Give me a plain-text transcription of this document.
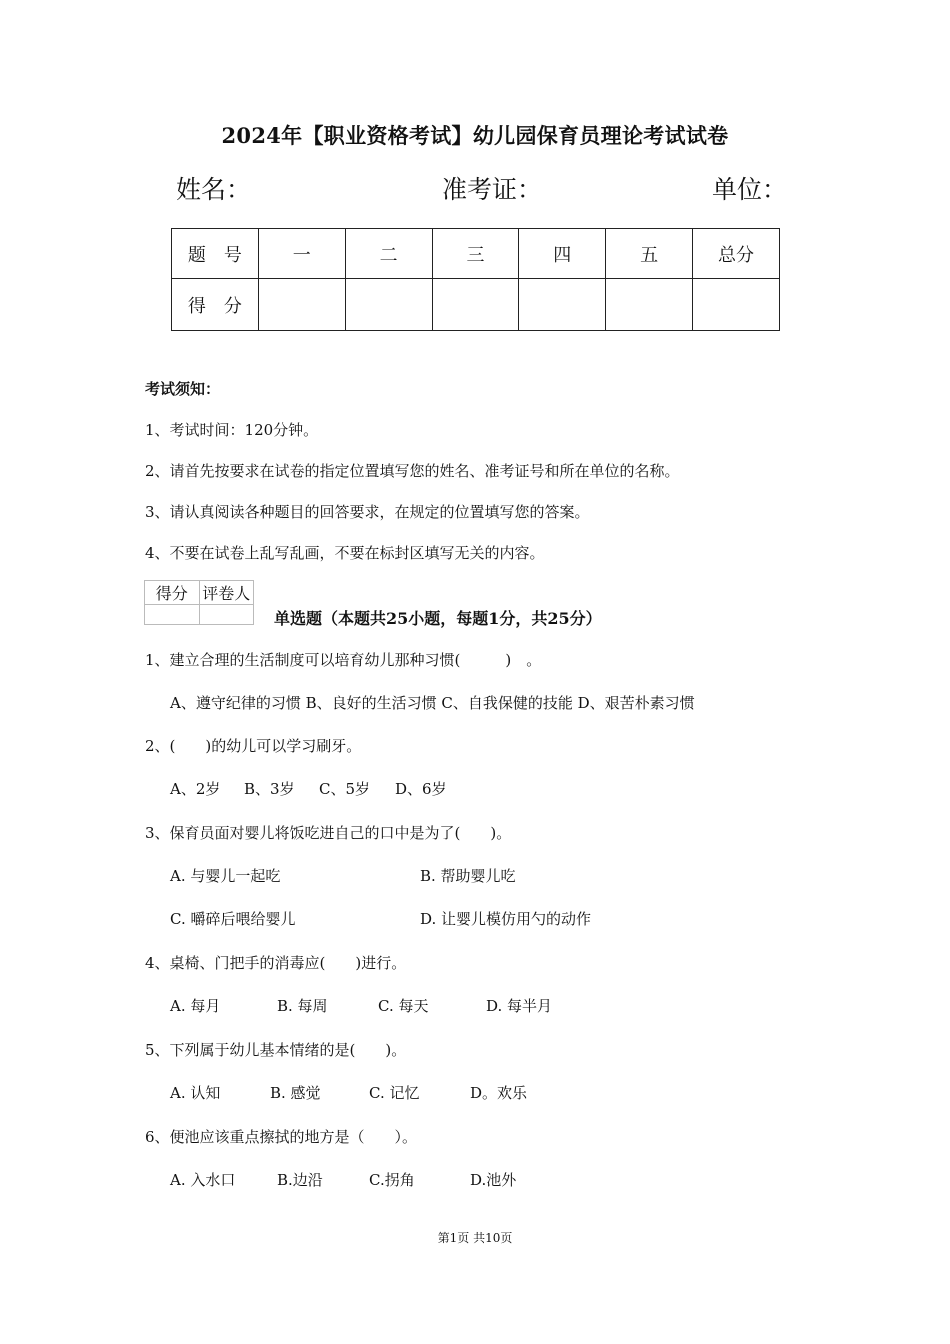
2024年【职业资格考试】幼儿园保育员理论考试试卷
姓名：	准考证：	单位：
题　号	一	二	三	四	五	总分
得　分						
考试须知：
1、考试时间：120分钟。
2、请首先按要求在试卷的指定位置填写您的姓名、准考证号和所在单位的名称。
3、请认真阅读各种题目的回答要求，在规定的位置填写您的答案。
4、不要在试卷上乱写乱画，不要在标封区填写无关的内容。
得分	评卷人

单选题（本题共25小题，每题1分，共25分）
1、建立合理的生活制度可以培育幼儿那种习惯(　　　)　。
A、遵守纪律的习惯 B、良好的生活习惯 C、自我保健的技能 D、艰苦朴素习惯
2、(　　)的幼儿可以学习刷牙。
A、2岁 B、3岁 C、5岁 D、6岁
3、保育员面对婴儿将饭吃进自己的口中是为了(　　)。
A. 与婴儿一起吃	B. 帮助婴儿吃
C. 嚼碎后喂给婴儿	D. 让婴儿模仿用勺的动作
4、桌椅、门把手的消毒应(　　)进行。
A. 每月	B. 每周	C. 每天	D. 每半月
5、下列属于幼儿基本情绪的是(　　)。
A. 认知	B. 感觉	C. 记忆	D。欢乐
6、便池应该重点擦拭的地方是（　　）。
A. 入水口	B.边沿	C.拐角	D.池外
第1页 共10页
